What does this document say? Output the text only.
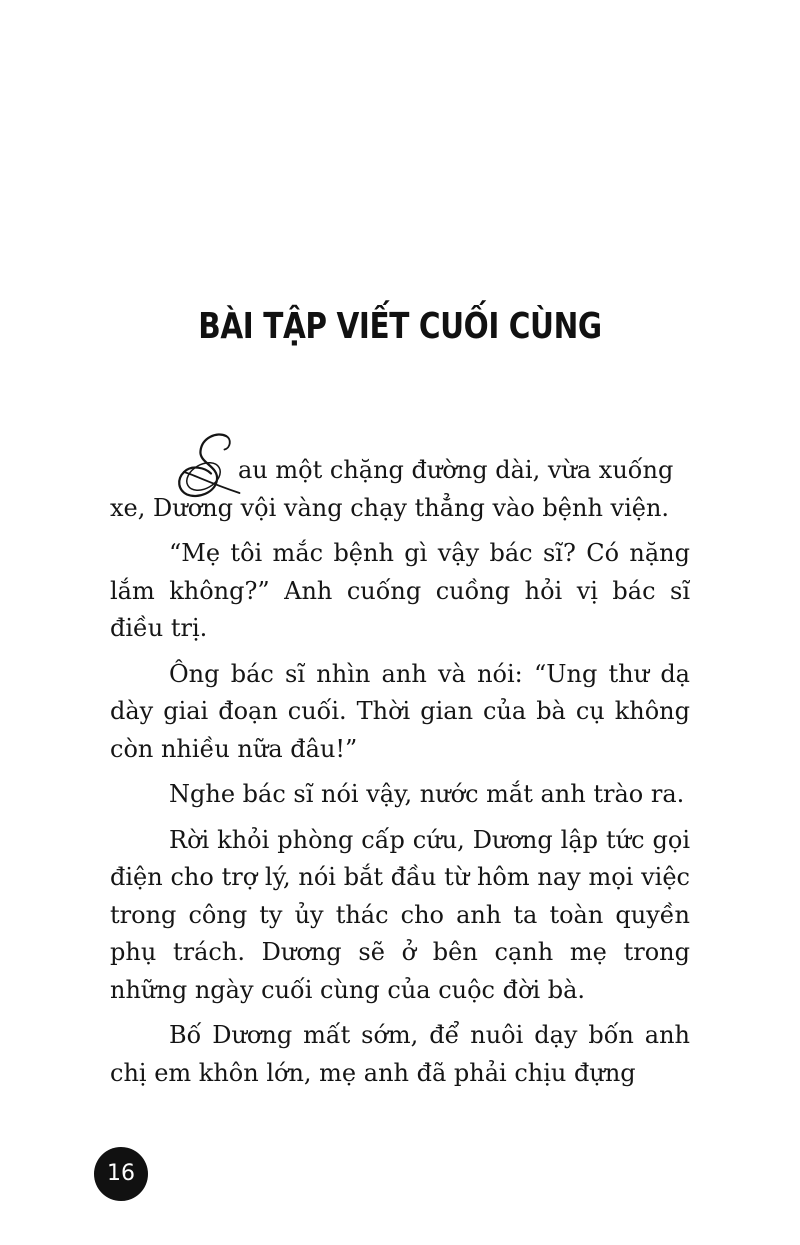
BÀI TẬP VIẾT CUỐI CÙNG

au một chặng đường dài, vừa xuống
xe, Dương vội vàng chạy thẳng vào bệnh viện.

“Mẹ tôi mắc bệnh gì vậy bác sĩ? Có nặng lắm không?” Anh cuống cuồng hỏi vị bác sĩ điều trị.

Ông bác sĩ nhìn anh và nói: “Ung thư dạ dày giai đoạn cuối. Thời gian của bà cụ không còn nhiều nữa đâu!”

Nghe bác sĩ nói vậy, nước mắt anh trào ra.

Rời khỏi phòng cấp cứu, Dương lập tức gọi điện cho trợ lý, nói bắt đầu từ hôm nay mọi việc trong công ty ủy thác cho anh ta toàn quyền phụ trách. Dương sẽ ở bên cạnh mẹ trong những ngày cuối cùng của cuộc đời bà.

Bố Dương mất sớm, để nuôi dạy bốn anh chị em khôn lớn, mẹ anh đã phải chịu đựng

16
